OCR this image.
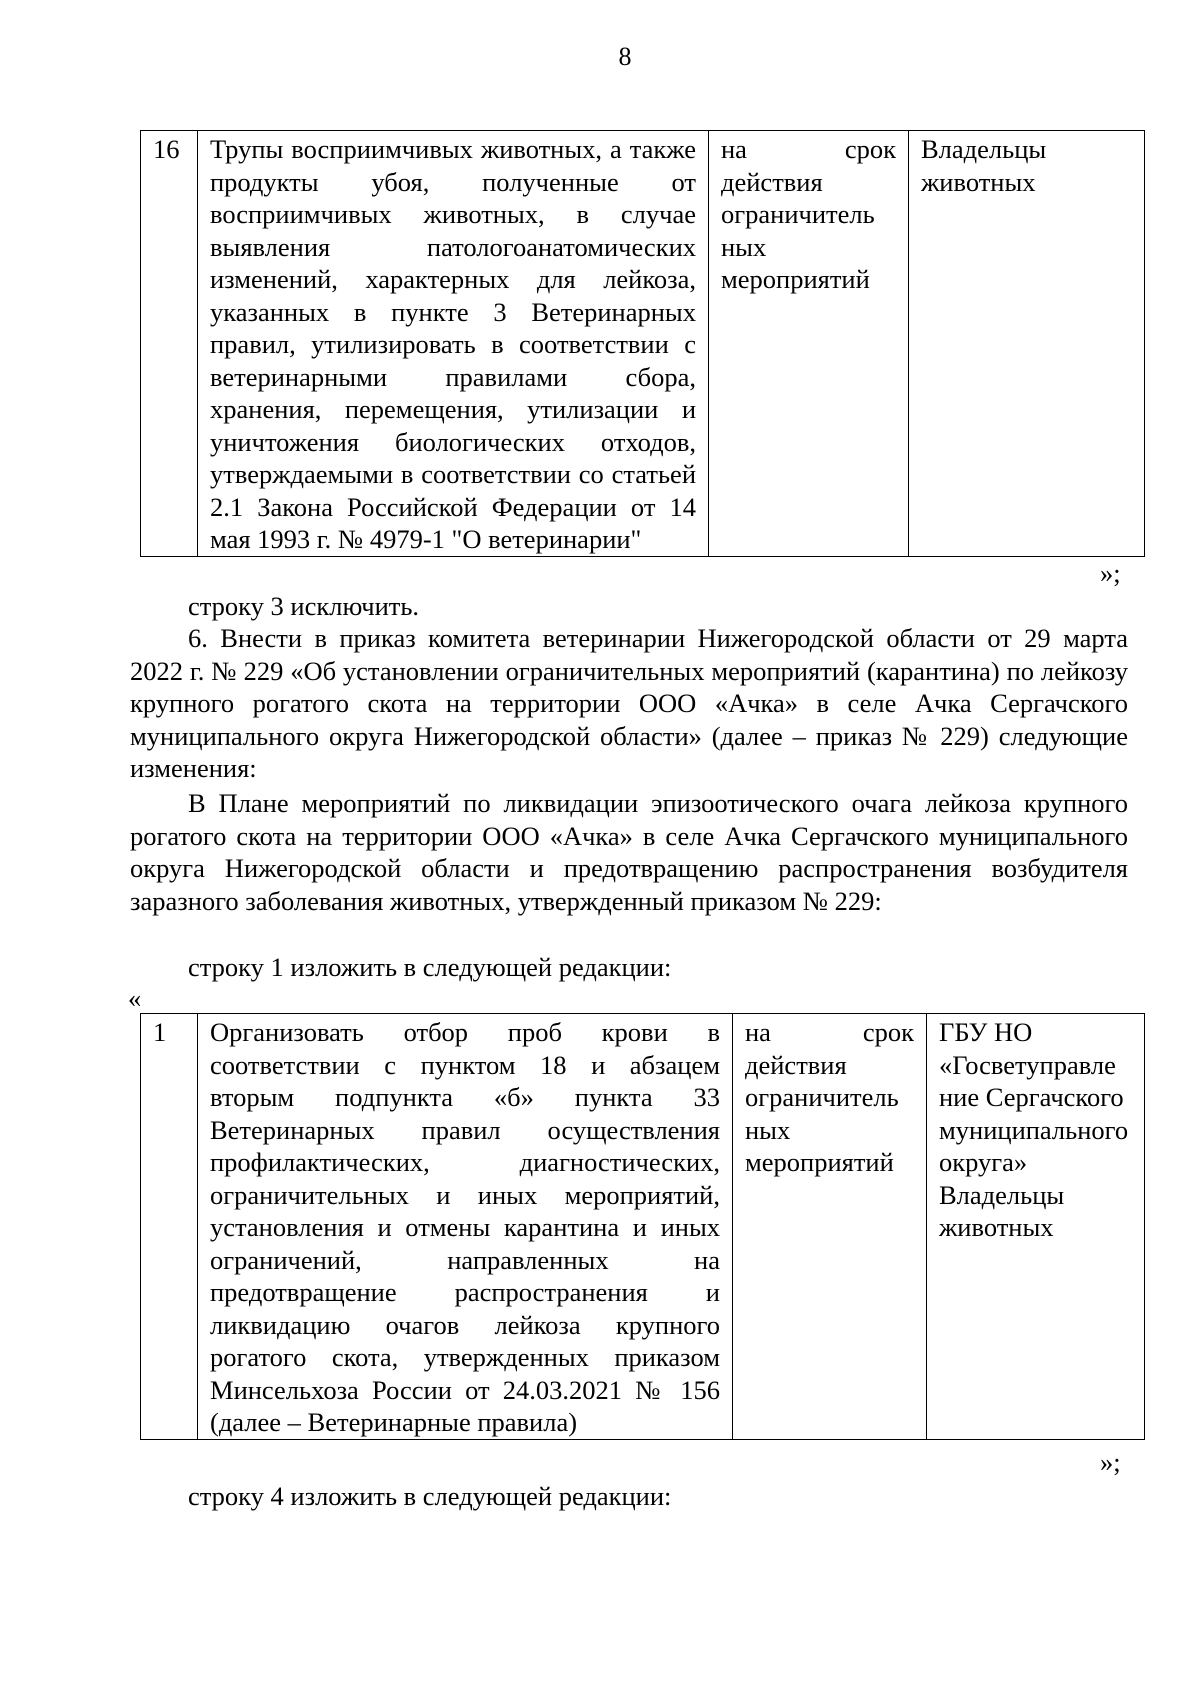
8
16	Трупы восприимчивых животных, а также продукты убоя, полученные от восприимчивых животных, в случае выявления патологоанатомических изменений, характерных для лейкоза, указанных в пункте 3 Ветеринарных правил, утилизировать в соответствии с ветеринарными правилами сбора, хранения, перемещения, утилизации и уничтожения биологических отходов, утверждаемыми в соответствии со статьей 2.1 Закона Российской Федерации от 14 мая 1993 г. № 4979-1 "О ветеринарии"	на срок действия ограничитель ных мероприятий	Владельцы животных
»;
строку 3 исключить.
6. Внести в приказ комитета ветеринарии Нижегородской области от 29 марта 2022 г. № 229 «Об установлении ограничительных мероприятий (карантина) по лейкозу крупного рогатого скота на территории ООО «Ачка» в селе Ачка Сергачского муниципального округа Нижегородской области» (далее – приказ № 229) следующие изменения:
В Плане мероприятий по ликвидации эпизоотического очага лейкоза крупного рогатого скота на территории ООО «Ачка» в селе Ачка Сергачского муниципального округа Нижегородской области и предотвращению распространения возбудителя заразного заболевания животных, утвержденный приказом № 229:
строку 1 изложить в следующей редакции:
«
1	Организовать отбор проб крови в соответствии с пунктом 18 и абзацем вторым подпункта «б» пункта 33 Ветеринарных правил осуществления профилактических, диагностических, ограничительных и иных мероприятий, установления и отмены карантина и иных ограничений, направленных на предотвращение распространения и ликвидацию очагов лейкоза крупного рогатого скота, утвержденных приказом Минсельхоза России от 24.03.2021 № 156 (далее – Ветеринарные правила)	на срок действия ограничитель ных мероприятий	ГБУ НО «Госветуправле ние Сергачского муниципального округа» Владельцы животных
»;
строку 4 изложить в следующей редакции:
